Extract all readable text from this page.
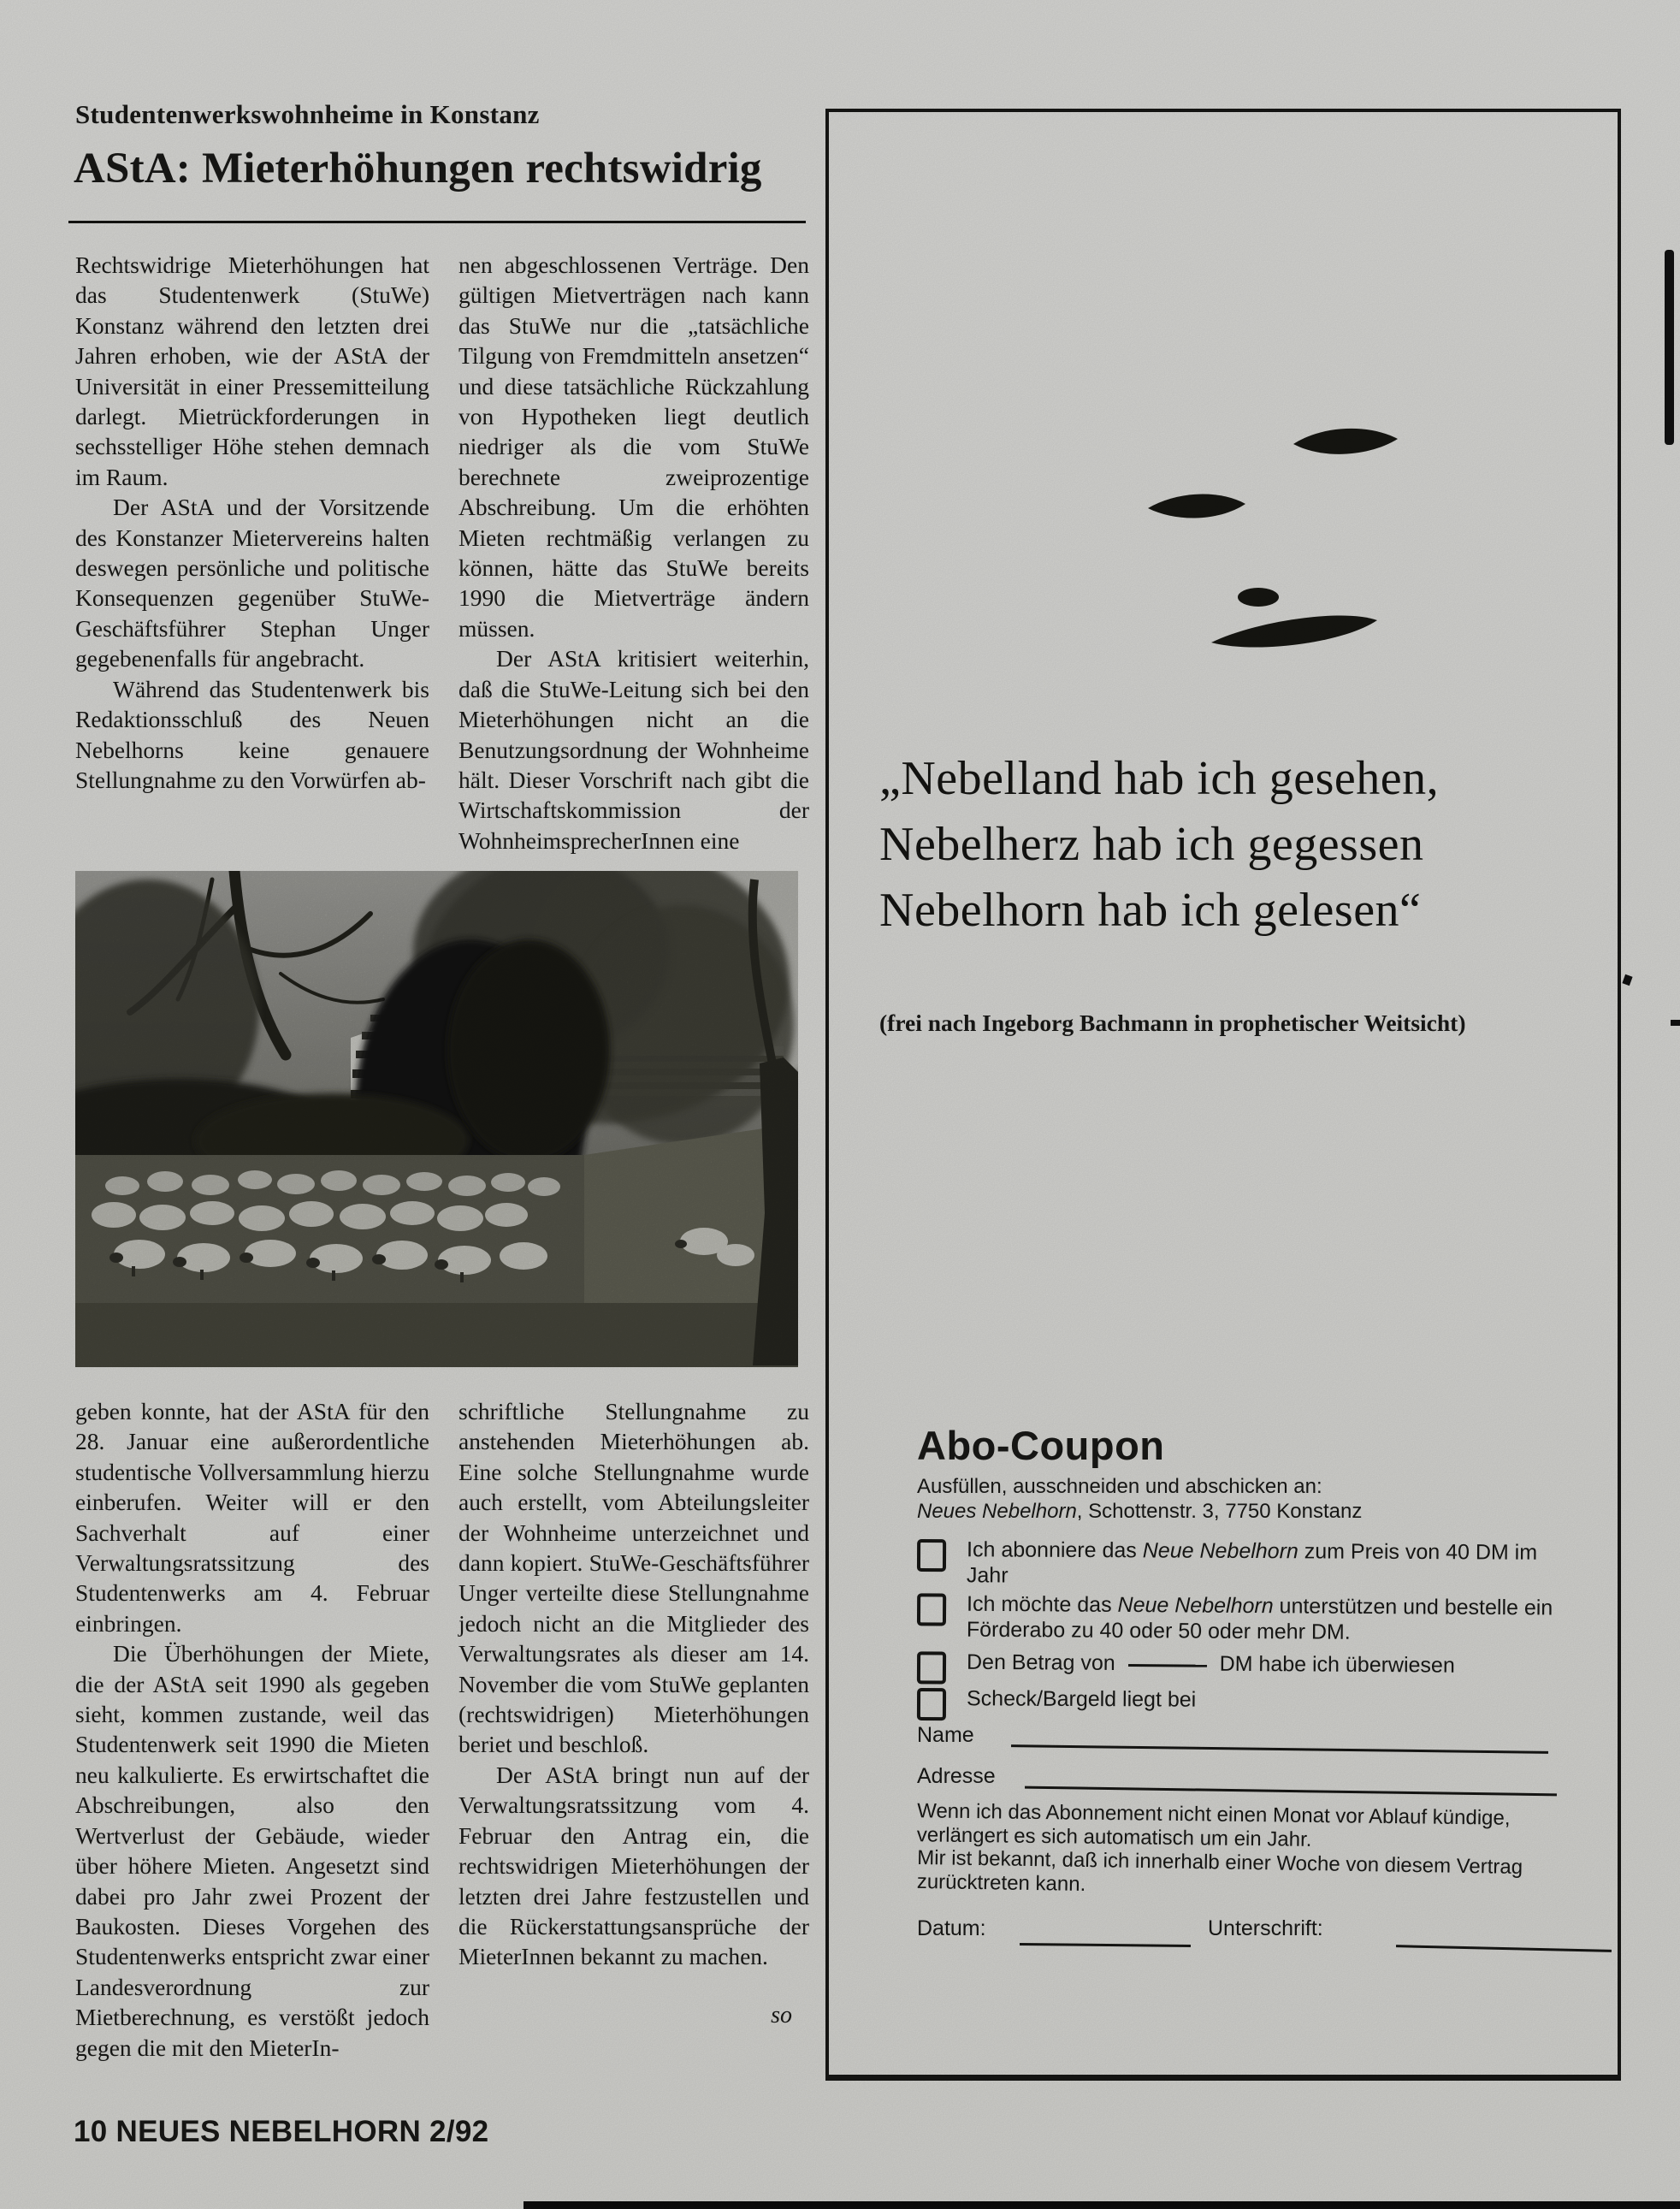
Studentenwerkswohnheime in Konstanz
AStA: Mieterhöhungen rechtswidrig

Rechtswidrige Mieterhöhungen hat das Studentenwerk (StuWe) Konstanz während den letzten drei Jahren erhoben, wie der AStA der Universität in einer Pressemitteilung darlegt. Mietrückforderungen in sechsstelliger Höhe stehen demnach im Raum.

Der AStA und der Vorsitzende des Konstanzer Mietervereins halten deswegen persönliche und politische Konsequenzen gegenüber StuWe-Geschäftsführer Stephan Unger gegebenenfalls für angebracht.

Während das Studentenwerk bis Redaktionsschluß des Neuen Nebelhorns keine genauere Stellungnahme zu den Vorwürfen ab-

nen abgeschlossenen Verträge. Den gültigen Mietverträgen nach kann das StuWe nur die „tatsächliche Tilgung von Fremdmitteln ansetzen“ und diese tatsächliche Rückzahlung von Hypotheken liegt deutlich niedriger als die vom StuWe berechnete zweiprozentige Abschreibung. Um die erhöhten Mieten rechtmäßig verlangen zu können, hätte das StuWe bereits 1990 die Mietverträge ändern müssen.

Der AStA kritisiert weiterhin, daß die StuWe-Leitung sich bei den Mieterhöhungen nicht an die Benutzungsordnung der Wohnheime hält. Dieser Vorschrift nach gibt die Wirtschaftskommission der WohnheimsprecherInnen eine

geben konnte, hat der AStA für den 28. Januar eine außerordentliche studentische Vollversammlung hierzu einberufen. Weiter will er den Sachverhalt auf einer Verwaltungsratssitzung des Studentenwerks am 4. Februar einbringen.

Die Überhöhungen der Miete, die der AStA seit 1990 als gegeben sieht, kommen zustande, weil das Studentenwerk seit 1990 die Mieten neu kalkulierte. Es erwirtschaftet die Abschreibungen, also den Wertverlust der Gebäude, wieder über höhere Mieten. Angesetzt sind dabei pro Jahr zwei Prozent der Baukosten. Dieses Vorgehen des Studentenwerks entspricht zwar einer Landesverordnung zur Mietberechnung, es verstößt jedoch gegen die mit den MieterIn-

schriftliche Stellungnahme zu anstehenden Mieterhöhungen ab. Eine solche Stellungnahme wurde auch erstellt, vom Abteilungsleiter der Wohnheime unterzeichnet und dann kopiert. StuWe-Geschäftsführer Unger verteilte diese Stellungnahme jedoch nicht an die Mitglieder des Verwaltungsrates als dieser am 14. November die vom StuWe geplanten (rechtswidrigen) Mieterhöhungen beriet und beschloß.

Der AStA bringt nun auf der Verwaltungsratssitzung vom 4. Februar den Antrag ein, die rechtswidrigen Mieterhöhungen der letzten drei Jahre festzustellen und die Rückerstattungsansprüche der MieterInnen bekannt zu machen.

so
„Nebelland hab ich gesehen,
Nebelherz hab ich gegessen
Nebelhorn hab ich gelesen“
(frei nach Ingeborg Bachmann in prophetischer Weitsicht)
Abo-Coupon
Ausfüllen, ausschneiden und abschicken an:
Neues Nebelhorn, Schottenstr. 3, 7750 Konstanz
Ich abonniere das Neue Nebelhorn zum Preis von 40 DM im Jahr
Ich möchte das Neue Nebelhorn unterstützen und bestelle ein Förderabo zu 40 oder 50 oder mehr DM.
Den Betrag von	DM habe ich überwiesen
Scheck/Bargeld liegt bei
Name
Adresse
Wenn ich das Abonnement nicht einen Monat vor Ablauf kündige, verlängert es sich automatisch um ein Jahr.
Mir ist bekannt, daß ich innerhalb einer Woche von diesem Vertrag zurücktreten kann.
Datum:	Unterschrift:
10 NEUES NEBELHORN 2/92
